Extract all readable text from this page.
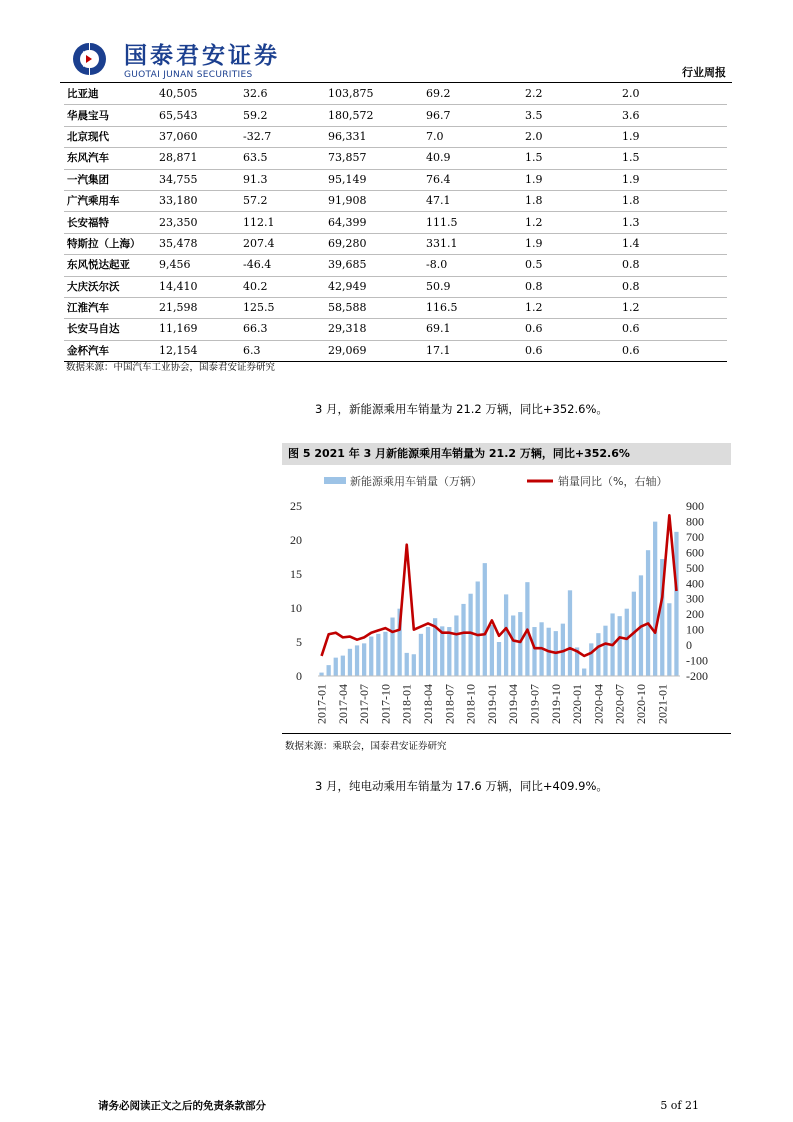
国泰君安证券
GUOTAI JUNAN SECURITIES	行业周报
比亚迪	40,505	32.6	103,875	69.2	2.2	2.0
华晨宝马	65,543	59.2	180,572	96.7	3.5	3.6
北京现代	37,060	-32.7	96,331	7.0	2.0	1.9
东风汽车	28,871	63.5	73,857	40.9	1.5	1.5
一汽集团	34,755	91.3	95,149	76.4	1.9	1.9
广汽乘用车	33,180	57.2	91,908	47.1	1.8	1.8
长安福特	23,350	112.1	64,399	111.5	1.2	1.3
特斯拉（上海）	35,478	207.4	69,280	331.1	1.9	1.4
东风悦达起亚	9,456	-46.4	39,685	-8.0	0.5	0.8
大庆沃尔沃	14,410	40.2	42,949	50.9	0.8	0.8
江淮汽车	21,598	125.5	58,588	116.5	1.2	1.2
长安马自达	11,169	66.3	29,318	69.1	0.6	0.6
金杯汽车	12,154	6.3	29,069	17.1	0.6	0.6
数据来源：中国汽车工业协会，国泰君安证券研究
3 月，新能源乘用车销量为 21.2 万辆，同比+352.6%。
图 5 2021 年 3 月新能源乘用车销量为 21.2 万辆，同比+352.6%
新能源乘用车销量（万辆）	销量同比（%，右轴）
0
5
10
15
20
25
-200
-100
0
100
200
300
400
500
600
700
800
900
2017-01 2017-04 2017-07 2017-10 2018-01 2018-04 2018-07 2018-10 2019-01 2019-04 2019-07 2019-10 2020-01 2020-04 2020-07 2020-10 2021-01
数据来源：乘联会，国泰君安证券研究
3 月，纯电动乘用车销量为 17.6 万辆，同比+409.9%。
请务必阅读正文之后的免责条款部分	5 of 21
